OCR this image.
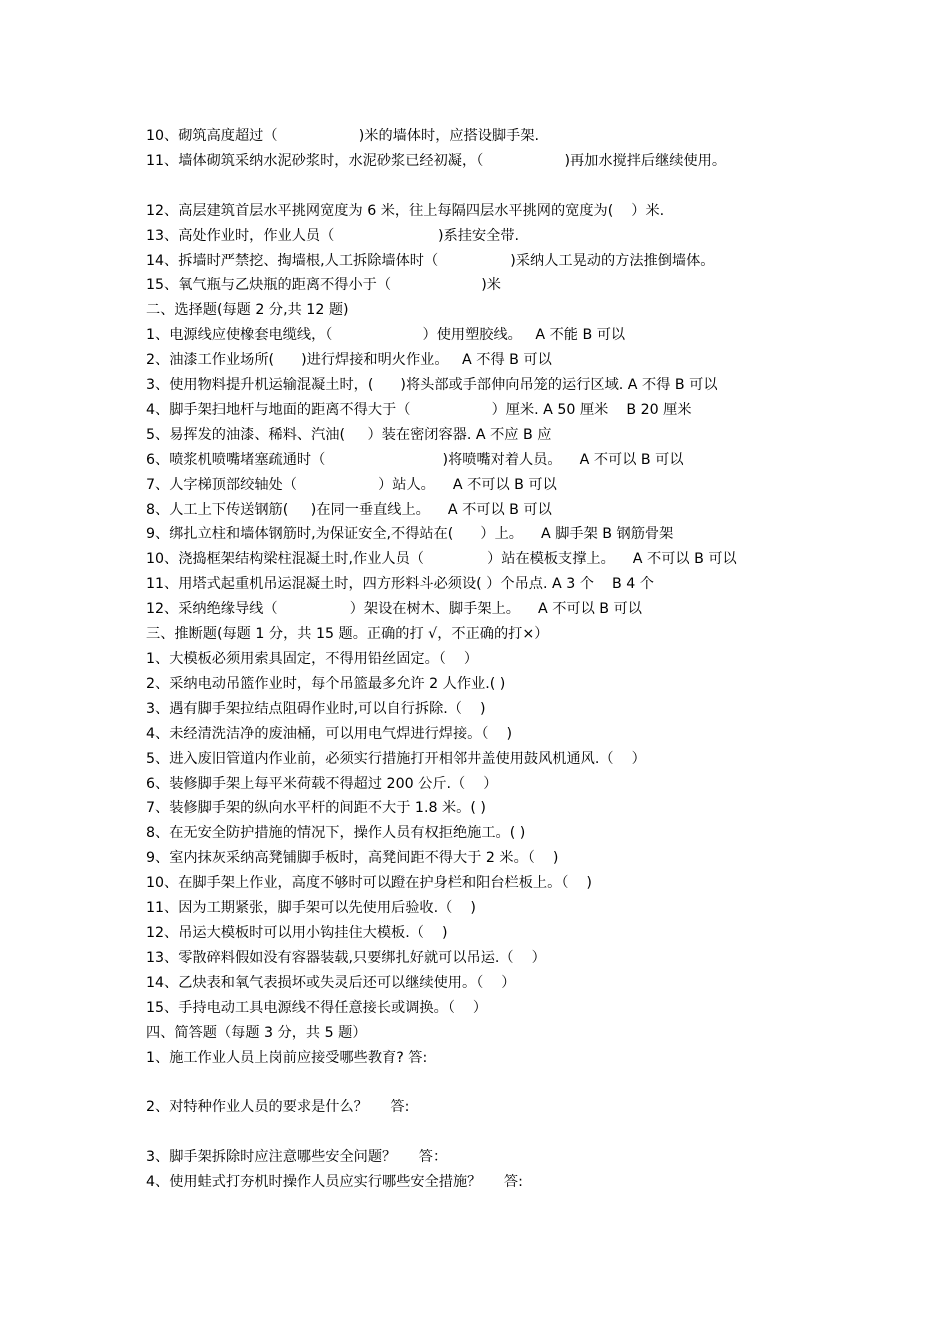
10、砌筑高度超过（                  )米的墙体时，应搭设脚手架.
11、墙体砌筑采纳水泥砂浆时，水泥砂浆已经初凝，（                  )再加水搅拌后继续使用。
12、高层建筑首层水平挑网宽度为 6 米，往上每隔四层水平挑网的宽度为(    ）米.
13、高处作业时，作业人员（                       )系挂安全带.
14、拆墙时严禁挖、掏墙根,人工拆除墙体时（                )采纳人工晃动的方法推倒墙体。
15、氧气瓶与乙炔瓶的距离不得小于（                    )米
二、选择题(每题 2 分,共 12 题)
1、电源线应使橡套电缆线，（                    ）使用塑胶线。   A 不能 B 可以
2、油漆工作业场所(      )进行焊接和明火作业。   A 不得 B 可以
3、使用物料提升机运输混凝土时，(      )将头部或手部伸向吊笼的运行区域. A 不得 B 可以
4、脚手架扫地杆与地面的距离不得大于（                  ）厘米. A 50 厘米    B 20 厘米
5、易挥发的油漆、稀料、汽油(     ）装在密闭容器. A 不应 B 应
6、喷浆机喷嘴堵塞疏通时（                          )将喷嘴对着人员。    A 不可以 B 可以
7、人字梯顶部绞轴处（                  ）站人。    A 不可以 B 可以
8、人工上下传送钢筋(     )在同一垂直线上。    A 不可以 B 可以
9、绑扎立柱和墙体钢筋时,为保证安全,不得站在(      ）上。    A 脚手架 B 钢筋骨架
10、浇捣框架结构梁柱混凝土时,作业人员（              ）站在模板支撑上。    A 不可以 B 可以
11、用塔式起重机吊运混凝土时，四方形料斗必须设( ）个吊点. A 3 个    B 4 个
12、采纳绝缘导线（                ）架设在树木、脚手架上。    A 不可以 B 可以
三、推断题(每题 1 分，共 15 题。正确的打 √，不正确的打×）
1、大模板必须用索具固定，不得用铅丝固定。（    ）
2、采纳电动吊篮作业时，每个吊篮最多允许 2 人作业.( )
3、遇有脚手架拉结点阻碍作业时,可以自行拆除.（    )
4、未经清洗洁净的废油桶，可以用电气焊进行焊接。（    )
5、进入废旧管道内作业前，必须实行措施打开相邻井盖使用鼓风机通风.（    ）
6、装修脚手架上每平米荷载不得超过 200 公斤.（    ）
7、装修脚手架的纵向水平杆的间距不大于 1.8 米。( )
8、在无安全防护措施的情况下，操作人员有权拒绝施工。( )
9、室内抹灰采纳高凳铺脚手板时，高凳间距不得大于 2 米。（    )
10、在脚手架上作业，高度不够时可以蹬在护身栏和阳台栏板上。（    )
11、因为工期紧张，脚手架可以先使用后验收.（    )
12、吊运大模板时可以用小钩挂住大模板.（    )
13、零散碎料假如没有容器装载,只要绑扎好就可以吊运.（    ）
14、乙炔表和氧气表损坏或失灵后还可以继续使用。（    ）
15、手持电动工具电源线不得任意接长或调换。（    ）
四、简答题（每题 3 分，共 5 题）
1、施工作业人员上岗前应接受哪些教育? 答:
2、对特种作业人员的要求是什么？     答:
3、脚手架拆除时应注意哪些安全问题？     答：
4、使用蛙式打夯机时操作人员应实行哪些安全措施？     答:
